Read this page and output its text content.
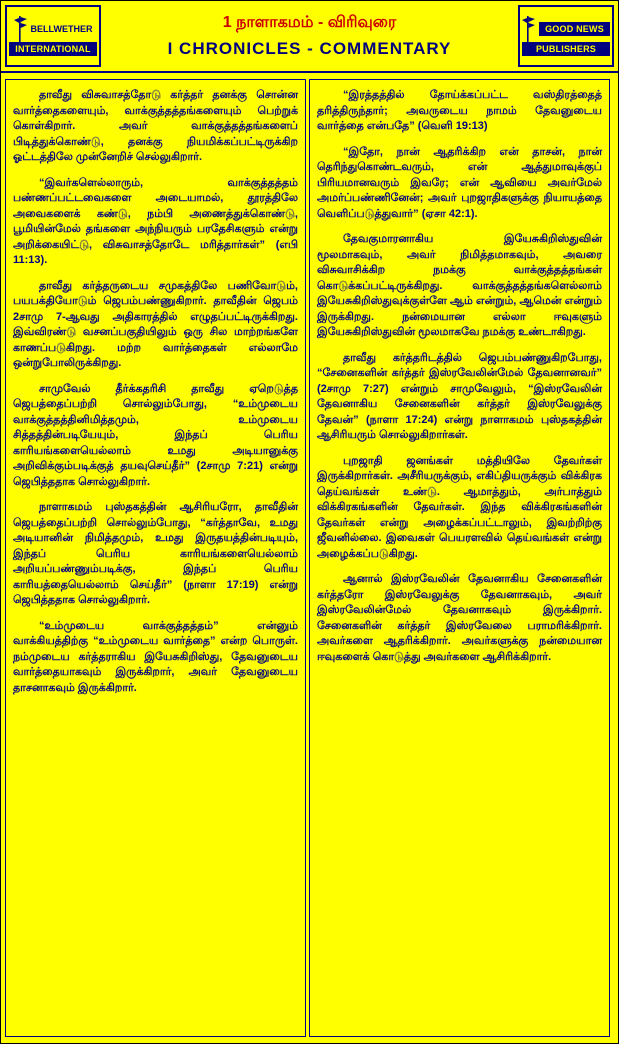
BELLWETHER
INTERNATIONAL
1 நாளாகமம் - விரிவுரை
I CHRONICLES - COMMENTARY
GOOD NEWS
PUBLISHERS

தாவீது விசுவாசத்தோடு கர்த்தர் தனக்கு சொன்ன வார்த்தைகளையும், வாக்குத்தத்தங்களையும் பெற்றுக் கொள்கிறார். அவர் வாக்குத்தத்தங்களைப் பிடித்துக்கொண்டு, தனக்கு நியமிக்கப்பட்டிருக்கிற ஓட்டத்திலே முன்னேறிச் செல்லுகிறார்.

“இவர்களெல்லாரும், வாக்குத்தத்தம் பண்ணப்பட்டவைகளை அடையாமல், தூரத்திலே அவைகளைக் கண்டு, நம்பி அணைத்துக்கொண்டு, பூமியின்மேல் தங்களை அந்நியரும் பரதேசிகளும் என்று அறிக்கையிட்டு, விசுவாசத்தோடே மரித்தார்கள்” (எபி 11:13).

தாவீது கர்த்தருடைய சமுகத்திலே பணிவோடும், பயபக்தியோடும் ஜெபம்பண்ணுகிறார். தாவீதின் ஜெபம் 2சாமு 7-ஆவது அதிகாரத்தில் எழுதப்பட்டிருக்கிறது. இவ்விரண்டு வசனப்பகுதியிலும் ஒரு சில மாற்றங்களே காணப்படுகிறது. மற்ற வார்த்தைகள் எல்லாமே ஒன்றுபோலிருக்கிறது.

சாமுவேல் தீர்க்கதரிசி தாவீது ஏறெடுத்த ஜெபத்தைப்பற்றி சொல்லும்போது, “உம்முடைய வாக்குத்தத்தினிமித்தமும், உம்முடைய சித்தத்தின்படியேயும், இந்தப் பெரிய காரியங்களையெல்லாம் உமது அடியானுக்கு அறிவிக்கும்படிக்குத் தயவுசெய்தீர்” (2சாமு 7:21) என்று ஜெபித்ததாக சொல்லுகிறார்.

நாளாகமம் புஸ்தகத்தின் ஆசிரியரோ, தாவீதின் ஜெபத்தைப்பற்றி சொல்லும்போது, “கர்த்தாவே, உமது அடியானின் நிமித்தமும், உமது இருதயத்தின்படியும், இந்தப் பெரிய காரியங்களையெல்லாம் அறியப்பண்ணும்படிக்கு, இந்தப் பெரிய காரியத்தையெல்லாம் செய்தீர்” (நாளா 17:19) என்று ஜெபித்ததாக சொல்லுகிறார்.

“உம்முடைய வாக்குத்தத்தம்” என்னும் வாக்கியத்திற்கு “உம்முடைய வார்த்தை” என்ற பொருள். நம்முடைய கர்த்தராகிய இயேசுகிறிஸ்து, தேவனுடைய வார்த்தையாகவும் இருக்கிறார், அவர் தேவனுடைய தாசனாகவும் இருக்கிறார்.

“இரத்தத்தில் தோய்க்கப்பட்ட வஸ்திரத்தைத் தரித்திருந்தார்; அவருடைய நாமம் தேவனுடைய வார்த்தை என்பதே” (வெளி 19:13)

“இதோ, நான் ஆதரிக்கிற என் தாசன், நான் தெரிந்துகொண்டவரும், என் ஆத்துமாவுக்குப் பிரியமானவரும் இவரே; என் ஆவியை அவர்மேல் அமர்ப்பண்ணினேன்; அவர் புறஜாதிகளுக்கு நியாயத்தை வெளிப்படுத்துவார்” (ஏசா 42:1).

தேவகுமாரனாகிய இயேசுகிறிஸ்துவின் மூலமாகவும், அவர் நிமித்தமாகவும், அவரை விசுவாசிக்கிற நமக்கு வாக்குத்தத்தங்கள் கொடுக்கப்பட்டிருக்கிறது. வாக்குத்தத்தங்களெல்லாம் இயேசுகிறிஸ்துவுக்குள்ளே ஆம் என்றும், ஆமென் என்றும் இருக்கிறது. நன்மையான எல்லா ஈவுகளும் இயேசுகிறிஸ்துவின் மூலமாகவே நமக்கு உண்டாகிறது.

தாவீது கர்த்தரிடத்தில் ஜெபம்பண்ணுகிறபோது, “சேனைகளின் கர்த்தர் இஸ்ரவேலின்மேல் தேவனானவர்” (2சாமு 7:27) என்றும் சாமுவேலும், “இஸ்ரவேலின் தேவனாகிய சேனைகளின் கர்த்தர் இஸ்ரவேலுக்கு தேவன்” (நாளா 17:24) என்று நாளாகமம் புஸ்தகத்தின் ஆசிரியரும் சொல்லுகிறார்கள்.

புறஜாதி ஜனங்கள் மத்தியிலே தேவர்கள் இருக்கிறார்கள். அசீரியருக்கும், எகிப்தியருக்கும் விக்கிரக தெய்வங்கள் உண்டு. ஆமாத்தும், அர்பாத்தும் விக்கிரகங்களின் தேவர்கள். இந்த விக்கிரகங்களின் தேவர்கள் என்று அழைக்கப்பட்டாலும், இவற்றிற்கு ஜீவனில்லை. இவைகள் பெயரளவில் தெய்வங்கள் என்று அழைக்கப்படுகிறது.

ஆனால் இஸ்ரவேலின் தேவனாகிய சேனைகளின் கர்த்தரோ இஸ்ரவேலுக்கு தேவனாகவும், அவர் இஸ்ரவேலின்மேல் தேவனாகவும் இருக்கிறார். சேனைகளின் கர்த்தர் இஸ்ரவேலை பராமரிக்கிறார். அவர்களை ஆதரிக்கிறார். அவர்களுக்கு நன்மையான ஈவுகளைக் கொடுத்து அவர்களை ஆசிரிக்கிறார்.
